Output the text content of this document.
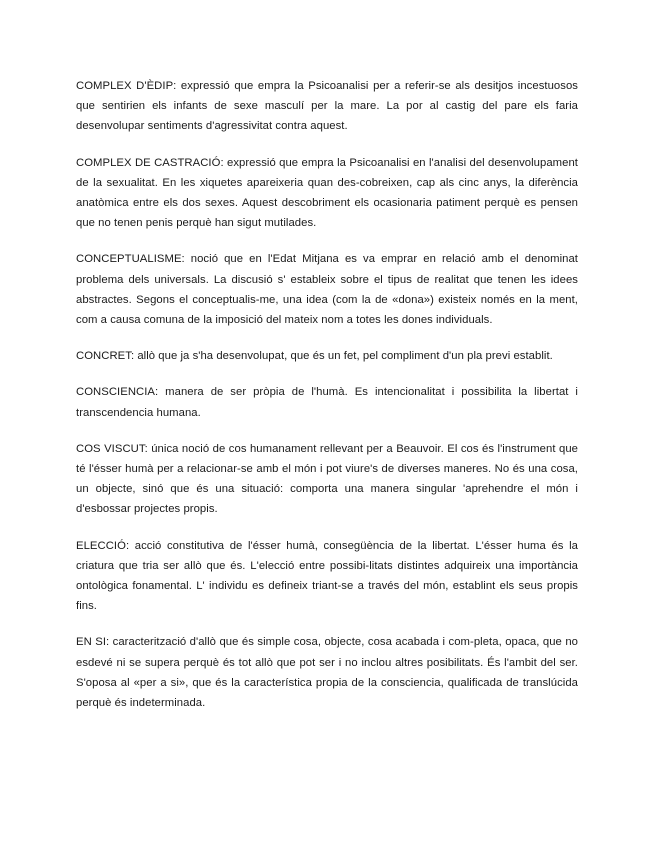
COMPLEX D'ÈDIP: expressió que empra la Psicoanalisi per a referir-se als desitjos incestuosos que sentirien els infants de sexe masculí per la mare. La por al castig del pare els faria desenvolupar sentiments d'agressivitat contra aquest.

COMPLEX DE CASTRACIÓ: expressió que empra la Psicoanalisi en l'analisi del desenvolupament de la sexualitat. En les xiquetes apareixeria quan des-cobreixen, cap als cinc anys, la diferència anatòmica entre els dos sexes. Aquest descobriment els ocasionaria patiment perquè es pensen que no tenen penis perquè han sigut mutilades.

CONCEPTUALISME: noció que en l'Edat Mitjana es va emprar en relació amb el denominat problema dels universals. La discusió s' estableix sobre el tipus de realitat que tenen les idees abstractes. Segons el conceptualis-me, una idea (com la de «dona») existeix només en la ment, com a causa comuna de la imposició del mateix nom a totes les dones individuals.

CONCRET: allò que ja s'ha desenvolupat, que és un fet, pel compliment d'un pla previ establit.

CONSCIENCIA: manera de ser pròpia de l'humà. Es intencionalitat i possibilita la libertat i transcendencia humana.

COS VISCUT: única noció de cos humanament rellevant per a Beauvoir. El cos és l'instrument que té l'ésser humà per a relacionar-se amb el món i pot viure's de diverses maneres. No és una cosa, un objecte, sinó que és una situació: comporta una manera singular 'aprehendre el món i d'esbossar projectes propis.

ELECCIÓ: acció constitutiva de l'ésser humà, consegüència de la libertat. L'ésser huma és la criatura que tria ser allò que és. L'elecció entre possibi-litats distintes adquireix una importància ontològica fonamental. L' individu es defineix triant-se a través del món, establint els seus propis fins.

EN SI: caracterització d'allò que és simple cosa, objecte, cosa acabada i com-pleta, opaca, que no esdevé ni se supera perquè és tot allò que pot ser i no inclou altres posibilitats. És l'ambit del ser. S'oposa al «per a si», que és la característica propia de la consciencia, qualificada de translúcida perquè és indeterminada.
